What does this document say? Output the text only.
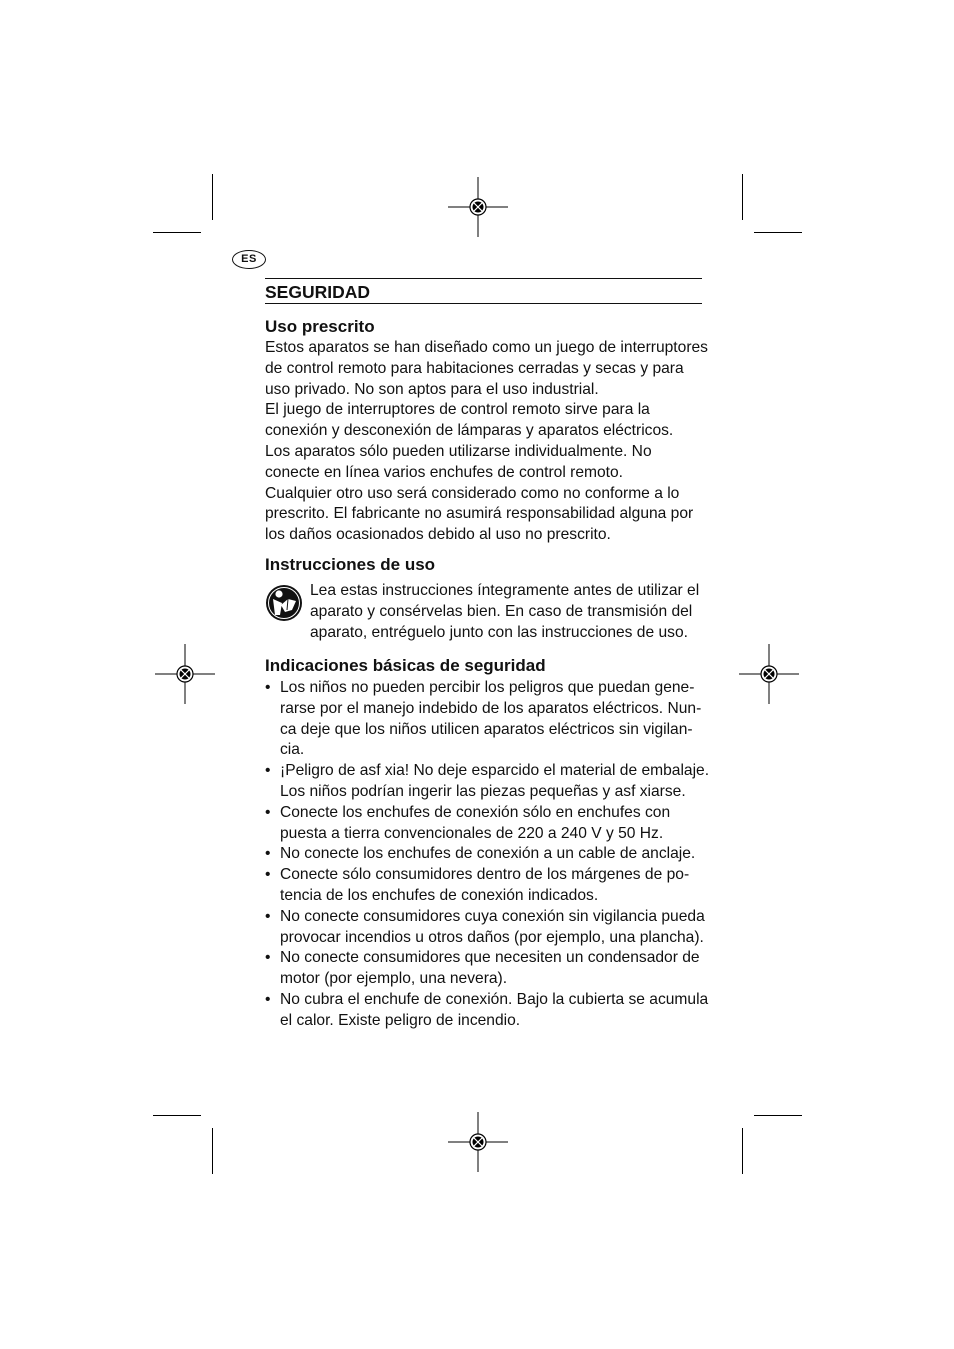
ES
SEGURIDAD
Uso prescrito
Estos aparatos se han diseñado como un juego de interruptores
de control remoto para habitaciones cerradas y secas y para
uso privado. No son aptos para el uso industrial.
El juego de interruptores de control remoto sirve para la
conexión y desconexión de lámparas y aparatos eléctricos.
Los aparatos sólo pueden utilizarse individualmente. No
conecte en línea varios enchufes de control remoto.
Cualquier otro uso será considerado como no conforme a lo
prescrito. El fabricante no asumirá responsabilidad alguna por
los daños ocasionados debido al uso no prescrito.
Instrucciones de uso
Lea estas instrucciones íntegramente antes de utilizar el
aparato y consérvelas bien. En caso de transmisión del
aparato, entréguelo junto con las instrucciones de uso.
Indicaciones básicas de seguridad
• Los niños no pueden percibir los peligros que puedan gene-
rarse por el manejo indebido de los aparatos eléctricos. Nun-
ca deje que los niños utilicen aparatos eléctricos sin vigilan-
cia.
• ¡Peligro de asf xia! No deje esparcido el material de embalaje.
Los niños podrían ingerir las piezas pequeñas y asf xiarse.
• Conecte los enchufes de conexión sólo en enchufes con
puesta a tierra convencionales de 220 a 240 V y 50 Hz.
• No conecte los enchufes de conexión a un cable de anclaje.
• Conecte sólo consumidores dentro de los márgenes de po-
tencia de los enchufes de conexión indicados.
• No conecte consumidores cuya conexión sin vigilancia pueda
provocar incendios u otros daños (por ejemplo, una plancha).
• No conecte consumidores que necesiten un condensador de
motor (por ejemplo, una nevera).
• No cubra el enchufe de conexión. Bajo la cubierta se acumula
el calor. Existe peligro de incendio.
